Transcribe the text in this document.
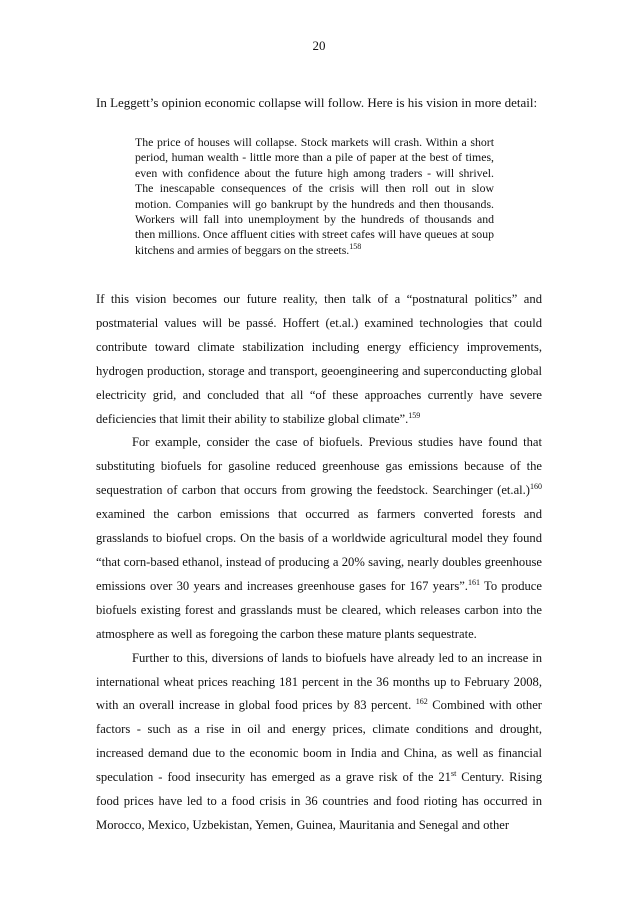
20
In Leggett’s opinion economic collapse will follow. Here is his vision in more detail:
The price of houses will collapse. Stock markets will crash. Within a short period, human wealth - little more than a pile of paper at the best of times, even with confidence about the future high among traders - will shrivel. The inescapable consequences of the crisis will then roll out in slow motion. Companies will go bankrupt by the hundreds and then thousands. Workers will fall into unemployment by the hundreds of thousands and then millions. Once affluent cities with street cafes will have queues at soup kitchens and armies of beggars on the streets.$^{158}$

If this vision becomes our future reality, then talk of a “postnatural politics” and postmaterial values will be passé. Hoffert (et.al.) examined technologies that could contribute toward climate stabilization including energy efficiency improvements, hydrogen production, storage and transport, geoengineering and superconducting global electricity grid, and concluded that all “of these approaches currently have severe deficiencies that limit their ability to stabilize global climate”.$^{159}$

For example, consider the case of biofuels. Previous studies have found that substituting biofuels for gasoline reduced greenhouse gas emissions because of the sequestration of carbon that occurs from growing the feedstock. Searchinger $(et.al.)^{160}$ examined the carbon emissions that occurred as farmers converted forests and grasslands to biofuel crops. On the basis of a worldwide agricultural model they found “that corn-based ethanol, instead of producing a 20% saving, nearly doubles greenhouse emissions over 30 years and increases greenhouse gases for 167 years”.$^{161}$ To produce biofuels existing forest and grasslands must be cleared, which releases carbon into the atmosphere as well as foregoing the carbon these mature plants sequestrate.

Further to this, diversions of lands to biofuels have already led to an increase in international wheat prices reaching 181 percent in the 36 months up to February 2008, with an overall increase in global food prices by 83 percent. $^{162}$ Combined with other factors - such as a rise in oil and energy prices, climate conditions and drought, increased demand due to the economic boom in India and China, as well as financial speculation - food insecurity has emerged as a grave risk of the 21st Century. Rising food prices have led to a food crisis in 36 countries and food rioting has occurred in Morocco, Mexico, Uzbekistan, Yemen, Guinea, Mauritania and Senegal and other
